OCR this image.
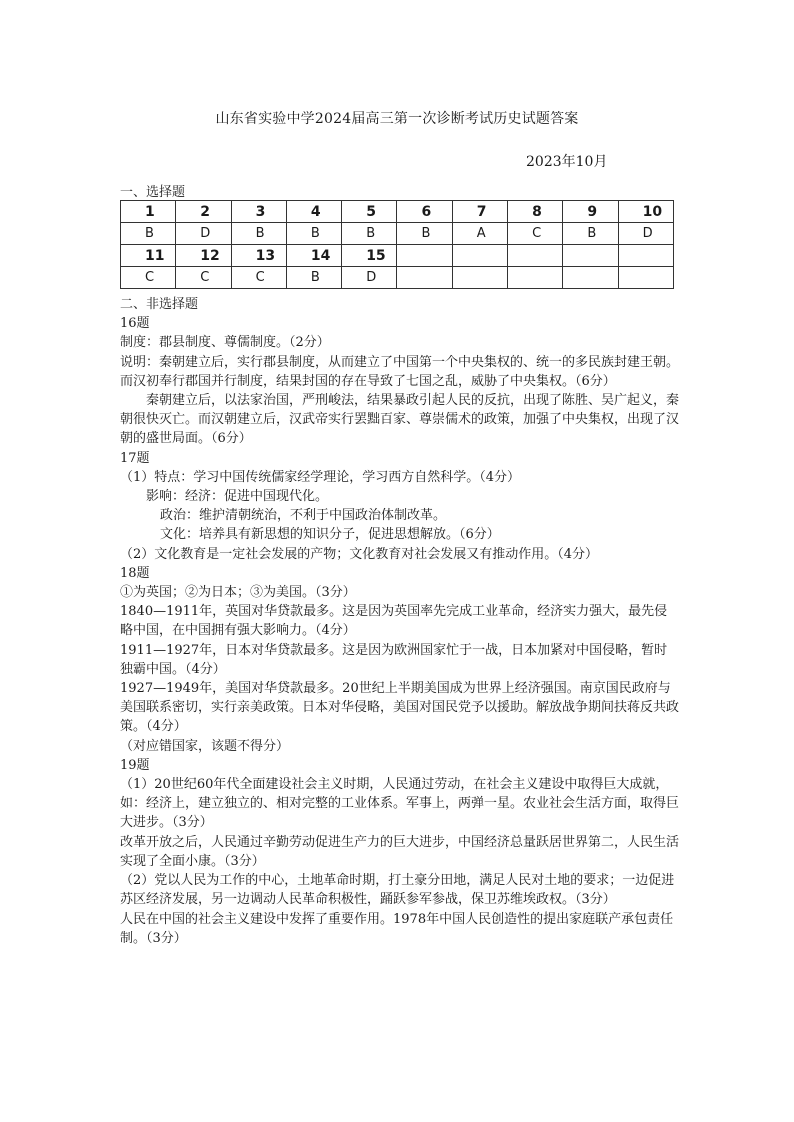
山东省实验中学2024届高三第一次诊断考试历史试题答案
2023年10月
一、选择题
1	2	3	4	5	6	7	8	9	10
B	D	B	B	B	B	A	C	B	D
11	12	13	14	15					
C	C	C	B	D					

二、非选择题

16题

制度：郡县制度、尊儒制度。（2分）

说明：秦朝建立后，实行郡县制度，从而建立了中国第一个中央集权的、统一的多民族封建王朝。而汉初奉行郡国并行制度，结果封国的存在导致了七国之乱，威胁了中央集权。（6分）

秦朝建立后，以法家治国，严刑峻法，结果暴政引起人民的反抗，出现了陈胜、吴广起义，秦朝很快灭亡。而汉朝建立后，汉武帝实行罢黜百家、尊崇儒术的政策，加强了中央集权，出现了汉朝的盛世局面。（6分）

17题

（1）特点：学习中国传统儒家经学理论，学习西方自然科学。（4分）

影响：经济：促进中国现代化。

政治：维护清朝统治，不利于中国政治体制改革。

文化：培养具有新思想的知识分子，促进思想解放。（6分）

（2）文化教育是一定社会发展的产物；文化教育对社会发展又有推动作用。（4分）

18题

①为英国；②为日本；③为美国。（3分）

1840—1911年，英国对华贷款最多。这是因为英国率先完成工业革命，经济实力强大，最先侵略中国，在中国拥有强大影响力。（4分）

1911—1927年，日本对华贷款最多。这是因为欧洲国家忙于一战，日本加紧对中国侵略，暂时独霸中国。（4分）

1927—1949年，美国对华贷款最多。20世纪上半期美国成为世界上经济强国。南京国民政府与美国联系密切，实行亲美政策。日本对华侵略，美国对国民党予以援助。解放战争期间扶蒋反共政策。（4分）

（对应错国家，该题不得分）

19题

（1）20世纪60年代全面建设社会主义时期，人民通过劳动，在社会主义建设中取得巨大成就，如：经济上，建立独立的、相对完整的工业体系。军事上，两弹一星。农业社会生活方面，取得巨大进步。（3分）

改革开放之后，人民通过辛勤劳动促进生产力的巨大进步，中国经济总量跃居世界第二，人民生活实现了全面小康。（3分）

（2）党以人民为工作的中心，土地革命时期，打土豪分田地，满足人民对土地的要求；一边促进苏区经济发展，另一边调动人民革命积极性，踊跃参军参战，保卫苏维埃政权。（3分）

人民在中国的社会主义建设中发挥了重要作用。1978年中国人民创造性的提出家庭联产承包责任制。（3分）
